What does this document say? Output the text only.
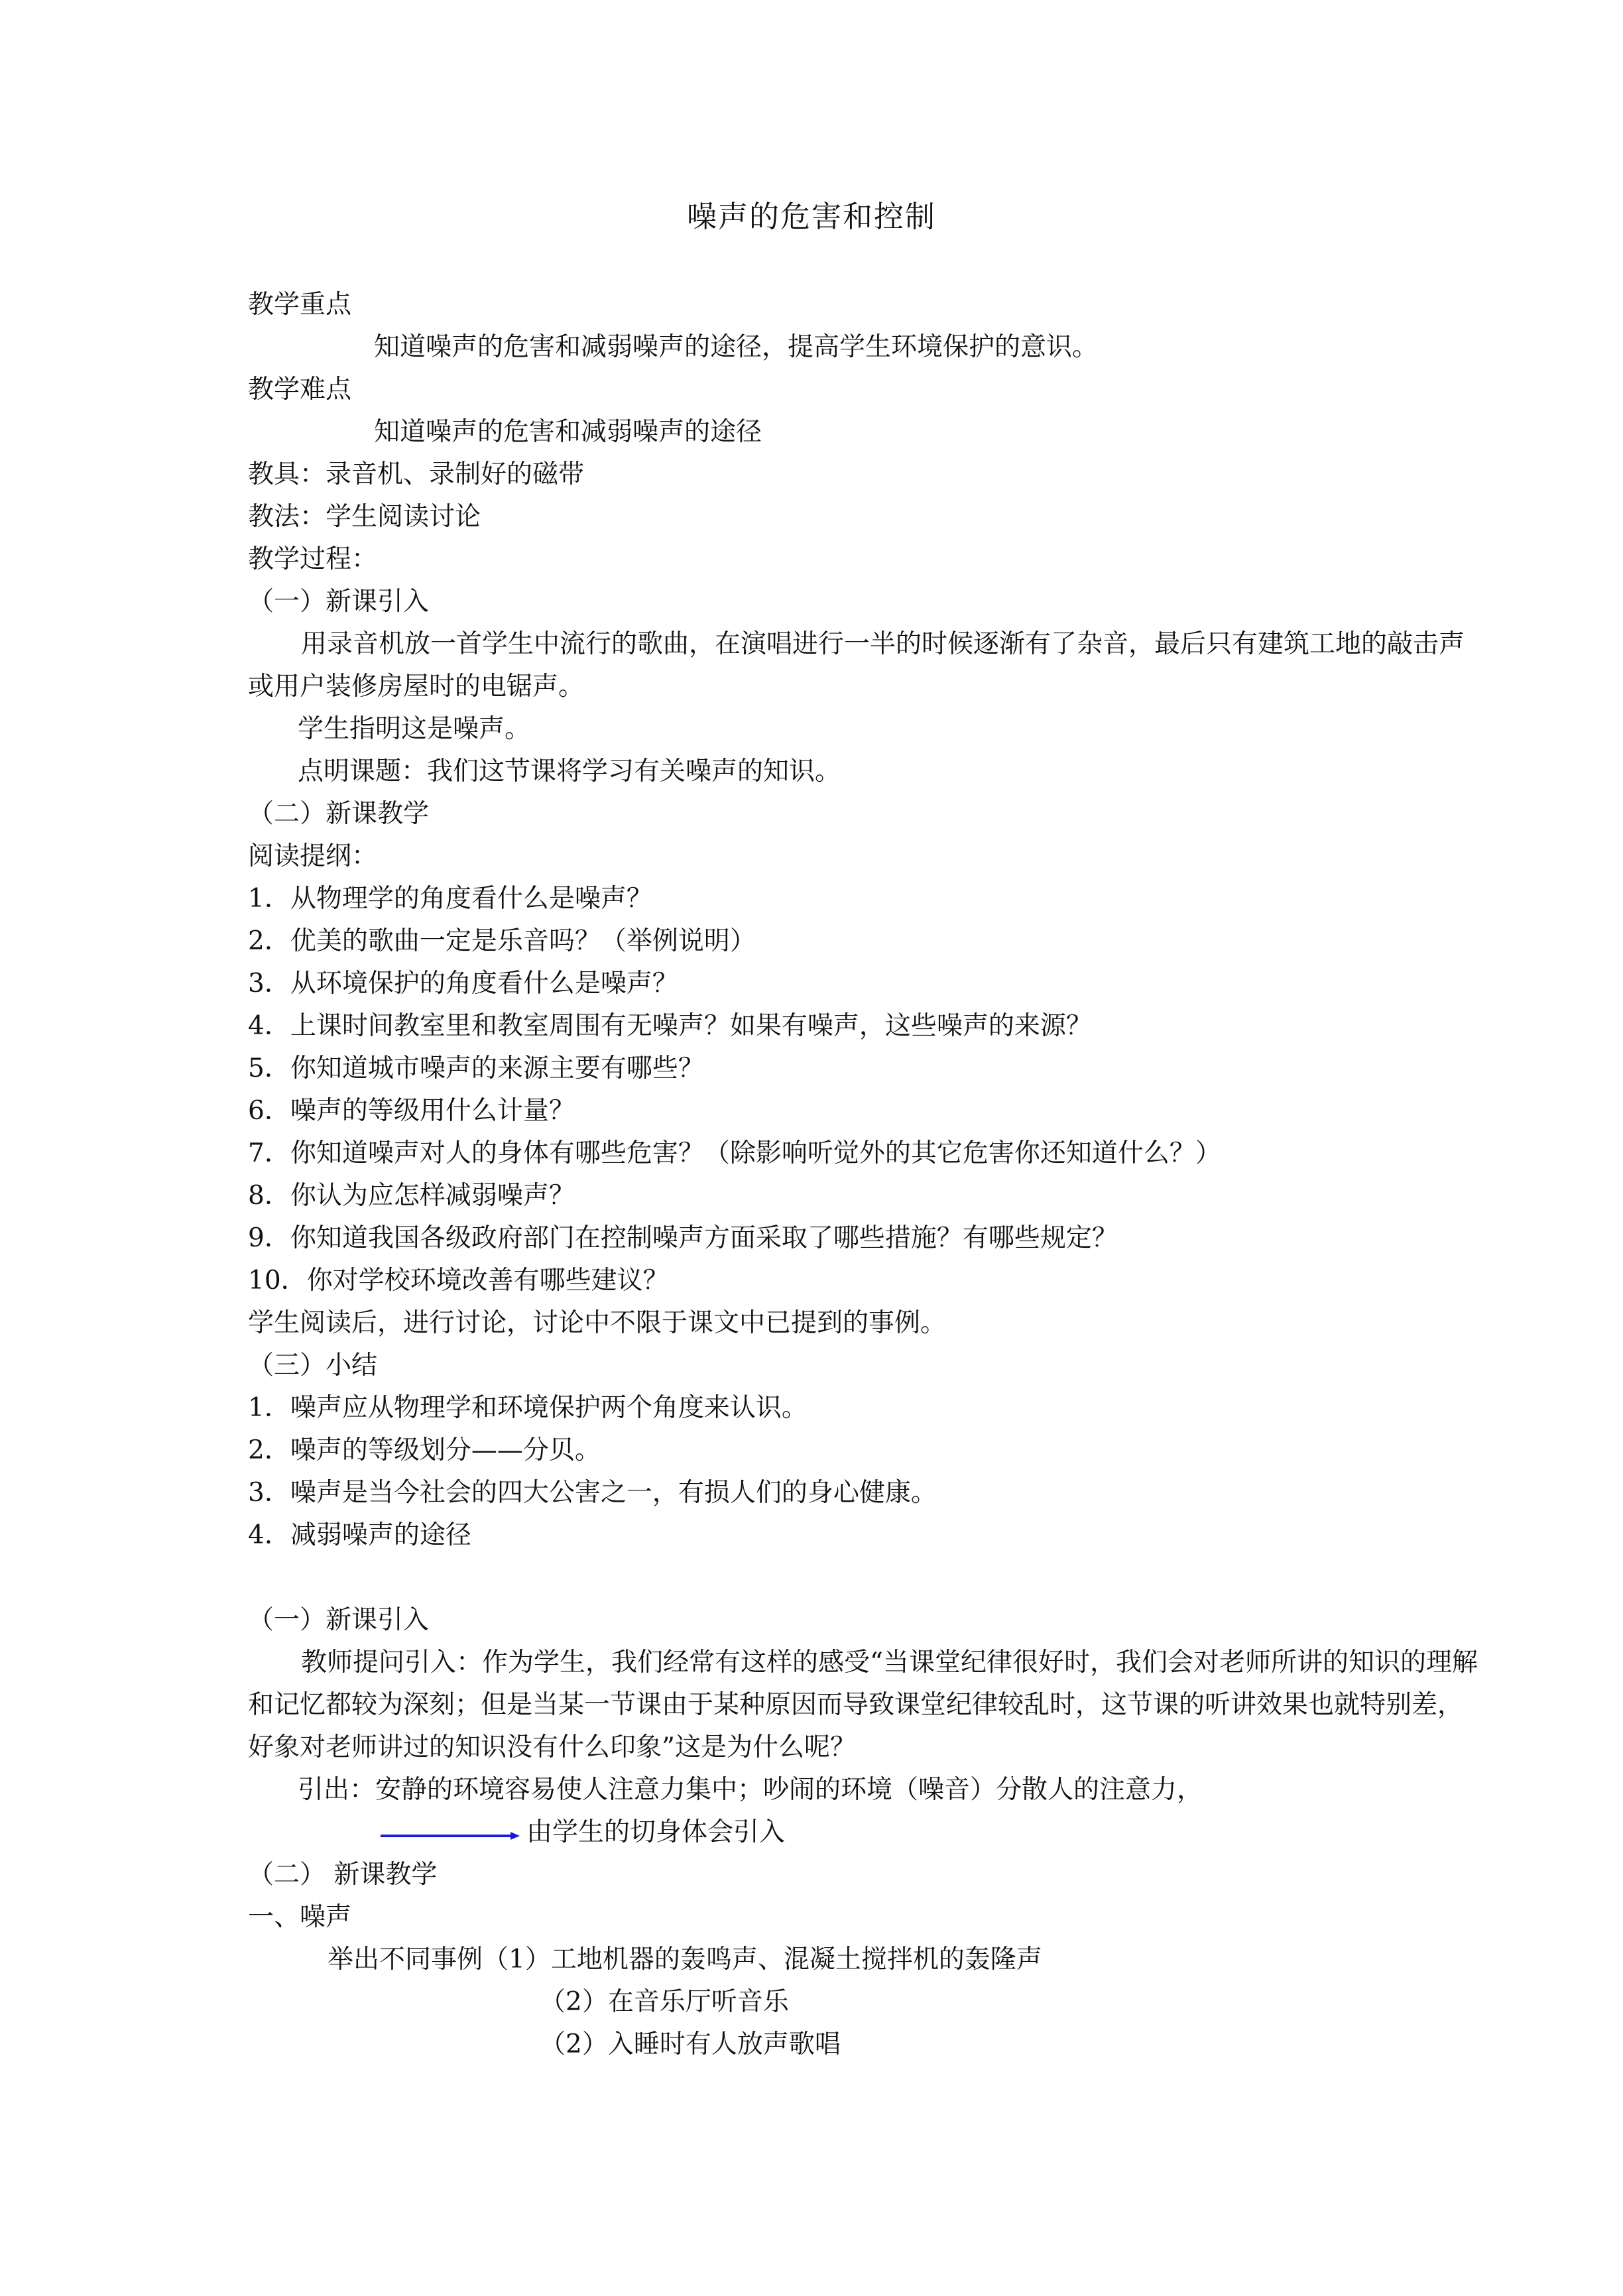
噪声的危害和控制

教学重点

知道噪声的危害和减弱噪声的途径，提高学生环境保护的意识。

教学难点

知道噪声的危害和减弱噪声的途径

教具：录音机、录制好的磁带

教法：学生阅读讨论

教学过程：

（一）新课引入

用录音机放一首学生中流行的歌曲，在演唱进行一半的时候逐渐有了杂音，最后只有建筑工地的敲击声或用户装修房屋时的电锯声。

学生指明这是噪声。

点明课题：我们这节课将学习有关噪声的知识。

（二）新课教学

阅读提纲：

1．从物理学的角度看什么是噪声？

2．优美的歌曲一定是乐音吗？（举例说明）

3．从环境保护的角度看什么是噪声？

4．上课时间教室里和教室周围有无噪声？如果有噪声，这些噪声的来源？

5．你知道城市噪声的来源主要有哪些？

6．噪声的等级用什么计量？

7．你知道噪声对人的身体有哪些危害？（除影响听觉外的其它危害你还知道什么？）

8．你认为应怎样减弱噪声？

9．你知道我国各级政府部门在控制噪声方面采取了哪些措施？有哪些规定？

10．你对学校环境改善有哪些建议？

学生阅读后，进行讨论，讨论中不限于课文中已提到的事例。

（三）小结

1．噪声应从物理学和环境保护两个角度来认识。

2．噪声的等级划分——分贝。

3．噪声是当今社会的四大公害之一，有损人们的身心健康。

4．减弱噪声的途径

（一）新课引入

教师提问引入：作为学生，我们经常有这样的感受“当课堂纪律很好时，我们会对老师所讲的知识的理解和记忆都较为深刻；但是当某一节课由于某种原因而导致课堂纪律较乱时，这节课的听讲效果也就特别差，好象对老师讲过的知识没有什么印象”这是为什么呢？

引出：安静的环境容易使人注意力集中；吵闹的环境（噪音）分散人的注意力，

由学生的切身体会引入

（二） 新课教学

一、噪声

举出不同事例（1）工地机器的轰鸣声、混凝土搅拌机的轰隆声

（2）在音乐厅听音乐

（2）入睡时有人放声歌唱
